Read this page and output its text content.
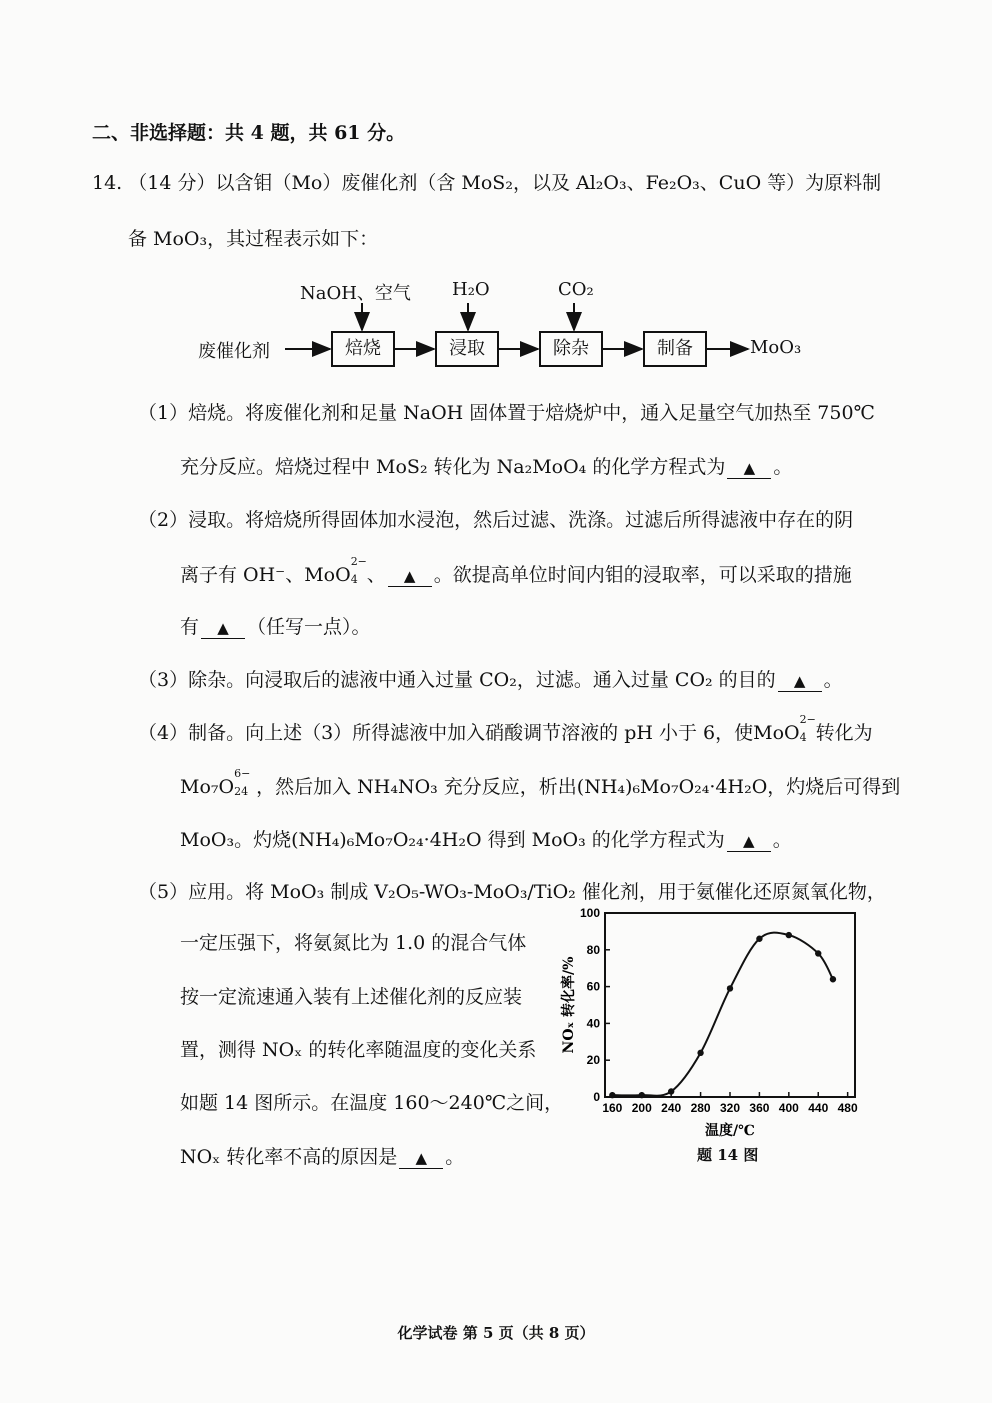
二、非选择题：共 4 题，共 61 分。
14. （14 分）以含钼（Mo）废催化剂（含 MoS₂，以及 Al₂O₃、Fe₂O₃、CuO 等）为原料制
备 MoO₃，其过程表示如下：
废催化剂
NaOH、空气 H₂O	CO₂
焙烧	浸取	除杂	制备	MoO₃
（1）焙烧。将废催化剂和足量 NaOH 固体置于焙烧炉中，通入足量空气加热至 750℃
充分反应。焙烧过程中 MoS₂ 转化为 Na₂MoO₄ 的化学方程式为 ▲ 。
（2）浸取。将焙烧所得固体加水浸泡，然后过滤、洗涤。过滤后所得滤液中存在的阴
离子有 OH⁻、MoO
2−
4 、 ▲ 。欲提高单位时间内钼的浸取率，可以采取的措施
有 ▲ （任写一点）。
（3）除杂。向浸取后的滤液中通入过量 CO₂，过滤。通入过量 CO₂ 的目的 ▲ 。
（4）制备。向上述（3）所得滤液中加入硝酸调节溶液的 pH 小于 6，使MoO
2−
4 转化为
Mo₇O
6−
24 ，然后加入 NH₄NO₃ 充分反应，析出(NH₄)₆Mo₇O₂₄·4H₂O，灼烧后可得到
MoO₃。灼烧(NH₄)₆Mo₇O₂₄·4H₂O 得到 MoO₃ 的化学方程式为 ▲ 。
（5）应用。将 MoO₃ 制成 V₂O₅-WO₃-MoO₃/TiO₂ 催化剂，用于氨催化还原氮氧化物，
一定压强下，将氨氮比为 1.0 的混合气体
按一定流速通入装有上述催化剂的反应装
置，测得 NOₓ 的转化率随温度的变化关系
如题 14 图所示。在温度 160～240℃之间，
NOₓ 转化率不高的原因是 ▲ 。
0
20
40
60
80
100
160 200 240 280 320 360 400 440 480
温度/℃
NOₓ 转化率/%
题 14 图
化学试卷 第 5 页（共 8 页）
